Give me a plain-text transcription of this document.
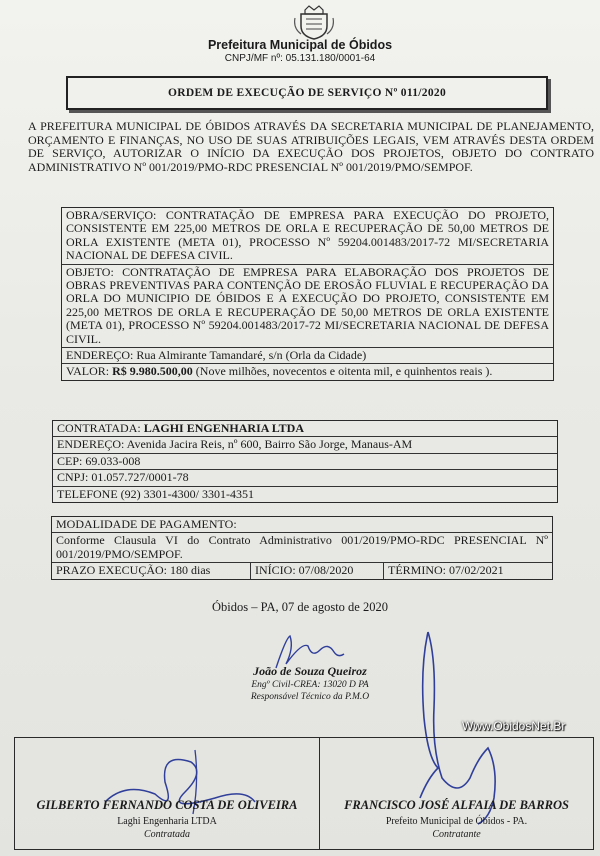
Prefeitura Municipal de Óbidos
CNPJ/MF nº: 05.131.180/0001-64
ORDEM DE EXECUÇÃO DE SERVIÇO Nº 011/2020
A PREFEITURA MUNICIPAL DE ÓBIDOS ATRAVÉS DA SECRETARIA MUNICIPAL DE PLANEJAMENTO, ORÇAMENTO E FINANÇAS, NO USO DE SUAS ATRIBUIÇÕES LEGAIS, VEM ATRAVÉS DESTA ORDEM DE SERVIÇO, AUTORIZAR O INÍCIO DA EXECUÇÃO DOS PROJETOS, OBJETO DO CONTRATO ADMINISTRATIVO Nº 001/2019/PMO-RDC PRESENCIAL Nº 001/2019/PMO/SEMPOF.
OBRA/SERVIÇO: CONTRATAÇÃO DE EMPRESA PARA EXECUÇÃO DO PROJETO, CONSISTENTE EM 225,00 METROS DE ORLA E RECUPERAÇÃO DE 50,00 METROS DE ORLA EXISTENTE (META 01), PROCESSO Nº 59204.001483/2017-72 MI/SECRETARIA NACIONAL DE DEFESA CIVIL.
OBJETO: CONTRATAÇÃO DE EMPRESA PARA ELABORAÇÃO DOS PROJETOS DE OBRAS PREVENTIVAS PARA CONTENÇÃO DE EROSÃO FLUVIAL E RECUPERAÇÃO DA ORLA DO MUNICIPIO DE ÓBIDOS E A EXECUÇÃO DO PROJETO, CONSISTENTE EM 225,00 METROS DE ORLA E RECUPERAÇÃO DE 50,00 METROS DE ORLA EXISTENTE (META 01), PROCESSO Nº 59204.001483/2017-72 MI/SECRETARIA NACIONAL DE DEFESA CIVIL.
ENDEREÇO: Rua Almirante Tamandaré, s/n (Orla da Cidade)
VALOR: R$ 9.980.500,00 (Nove milhões, novecentos e oitenta mil, e quinhentos reais ).
CONTRATADA: LAGHI ENGENHARIA LTDA
ENDEREÇO: Avenida Jacira Reis, nº 600, Bairro São Jorge, Manaus-AM
CEP: 69.033-008
CNPJ: 01.057.727/0001-78
TELEFONE (92) 3301-4300/ 3301-4351
MODALIDADE DE PAGAMENTO:
Conforme Clausula VI do Contrato Administrativo 001/2019/PMO-RDC PRESENCIAL Nº 001/2019/PMO/SEMPOF.
PRAZO EXECUÇÃO: 180 dias	INÍCIO: 07/08/2020	TÉRMINO: 07/02/2021
Óbidos – PA, 07 de agosto de 2020
João de Souza Queiroz
Engº Civil-CREA: 13020 D PA
Responsável Técnico da P.M.O
Www.ObidosNet.Br
GILBERTO FERNANDO COSTA DE OLIVEIRA
Laghi Engenharia LTDA
Contratada
FRANCISCO JOSÉ ALFAIA DE BARROS
Prefeito Municipal de Óbidos - PA.
Contratante
